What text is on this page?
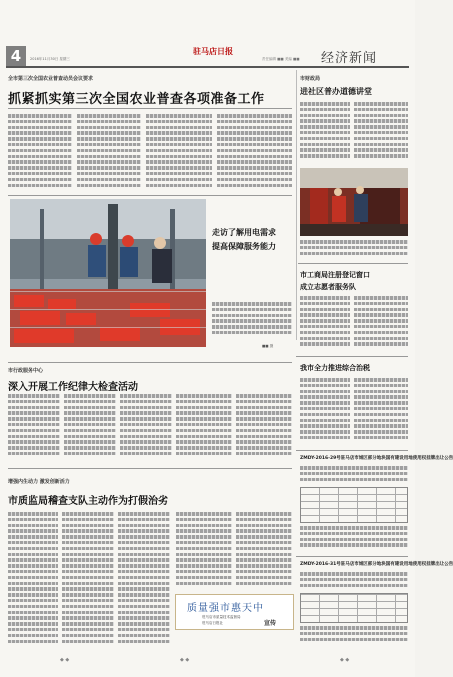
4	2016年11月30日 星期三
驻马店日报
责任编辑 ■■ 美编 ■■ 经济新闻
全市第三次全国农业普查动员会议要求
抓紧抓实第三次全国农业普查各项准备工作
走访了解用电需求
提高保障服务能力
■■ 摄
市财政局
进社区普办道德讲堂
市工商局注册登记窗口
成立志愿者服务队
我市全力推进综合治税
市行政服务中心
深入开展工作纪律大检查活动
增强内生动力 激发创新活力
市质监局稽查支队主动作为打假治劣
质量强市惠天中
驻马店市质量技术监督局
驻马店日报社	宣传
ZMDY-2016-29号驻马店市城区部分地块国有建设用地使用权挂牌出让公告
ZMDY-2016-31号驻马店市城区部分地块国有建设用地使用权挂牌出让公告
◆ ◆	◆ ◆	◆ ◆
